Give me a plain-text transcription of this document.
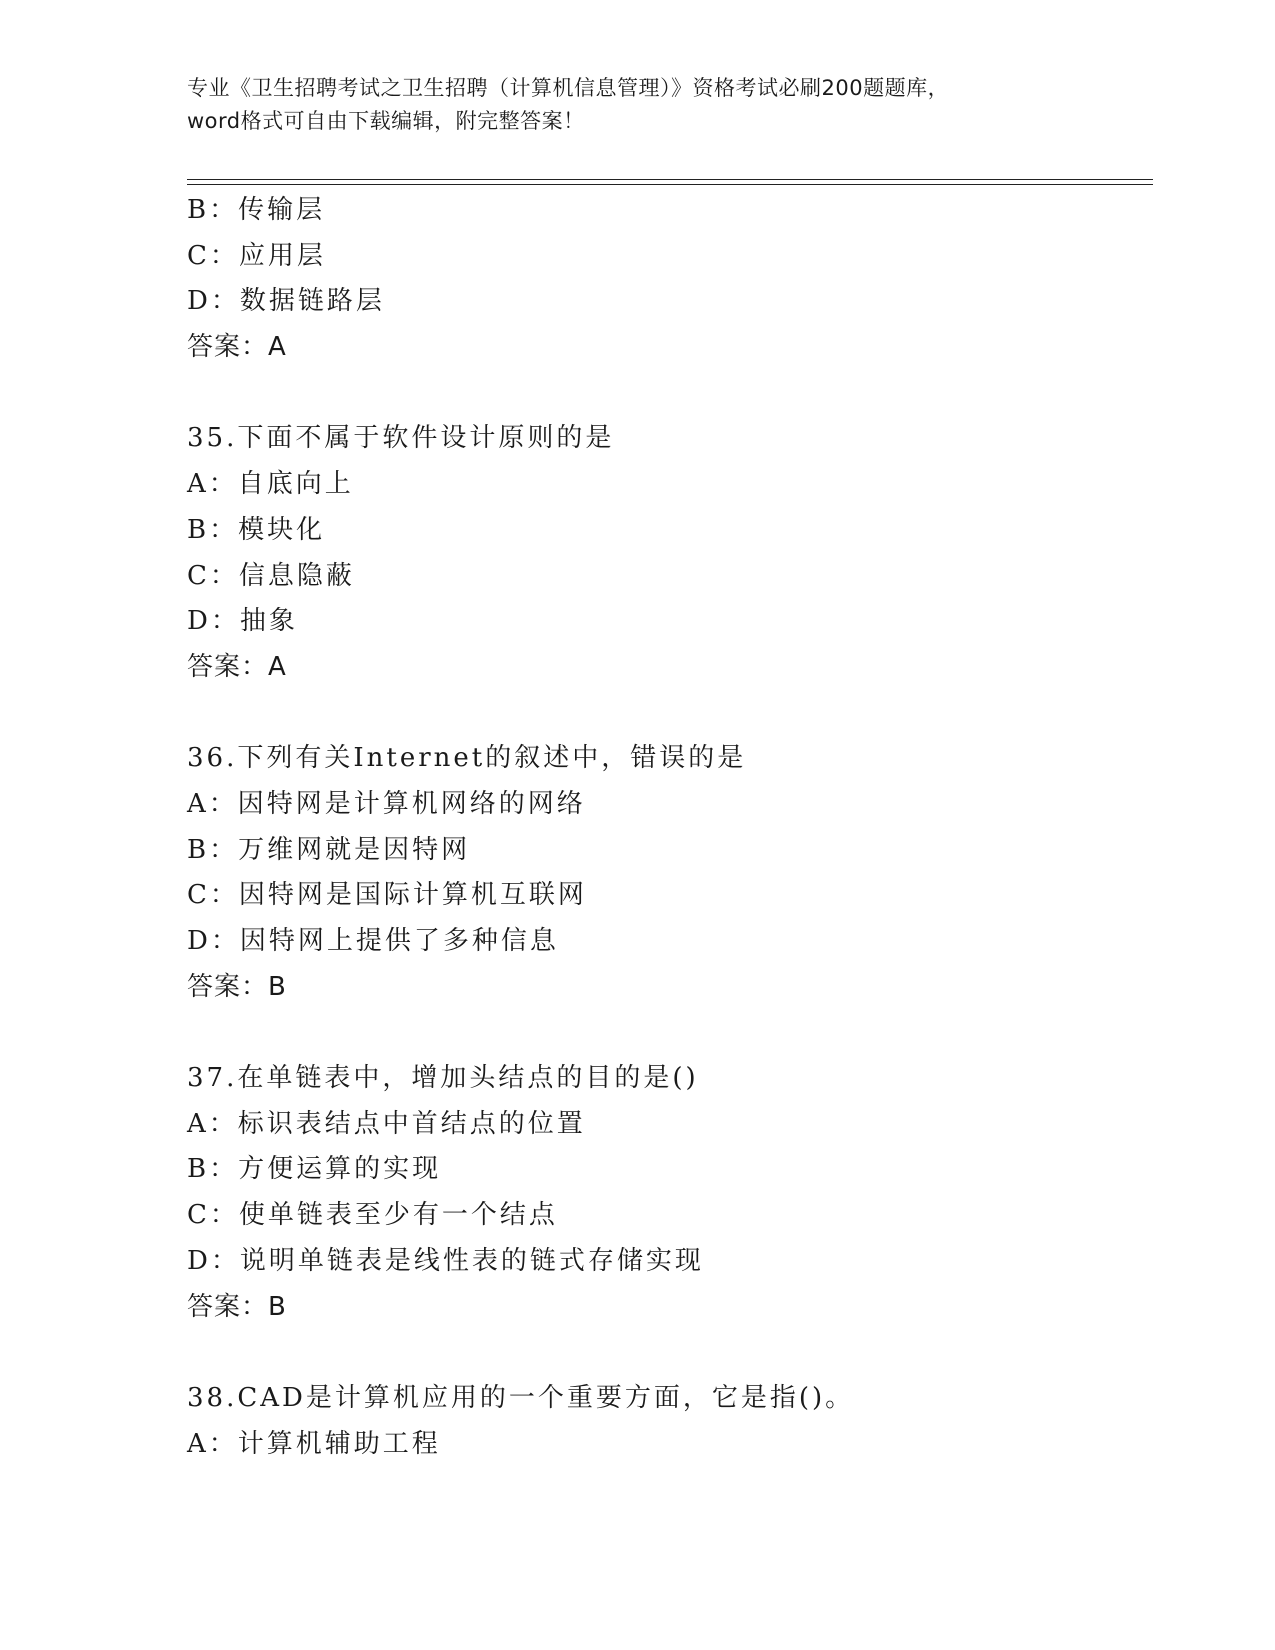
专业《卫生招聘考试之卫生招聘（计算机信息管理）》资格考试必刷200题题库，
word格式可自由下载编辑，附完整答案！
B：传输层
C：应用层
D：数据链路层
答案：A
35.下面不属于软件设计原则的是
A：自底向上
B：模块化
C：信息隐蔽
D：抽象
答案：A
36.下列有关Internet的叙述中，错误的是
A：因特网是计算机网络的网络
B：万维网就是因特网
C：因特网是国际计算机互联网
D：因特网上提供了多种信息
答案：B
37.在单链表中，增加头结点的目的是()
A：标识表结点中首结点的位置
B：方便运算的实现
C：使单链表至少有一个结点
D：说明单链表是线性表的链式存储实现
答案：B
38.CAD是计算机应用的一个重要方面，它是指()。
A：计算机辅助工程
